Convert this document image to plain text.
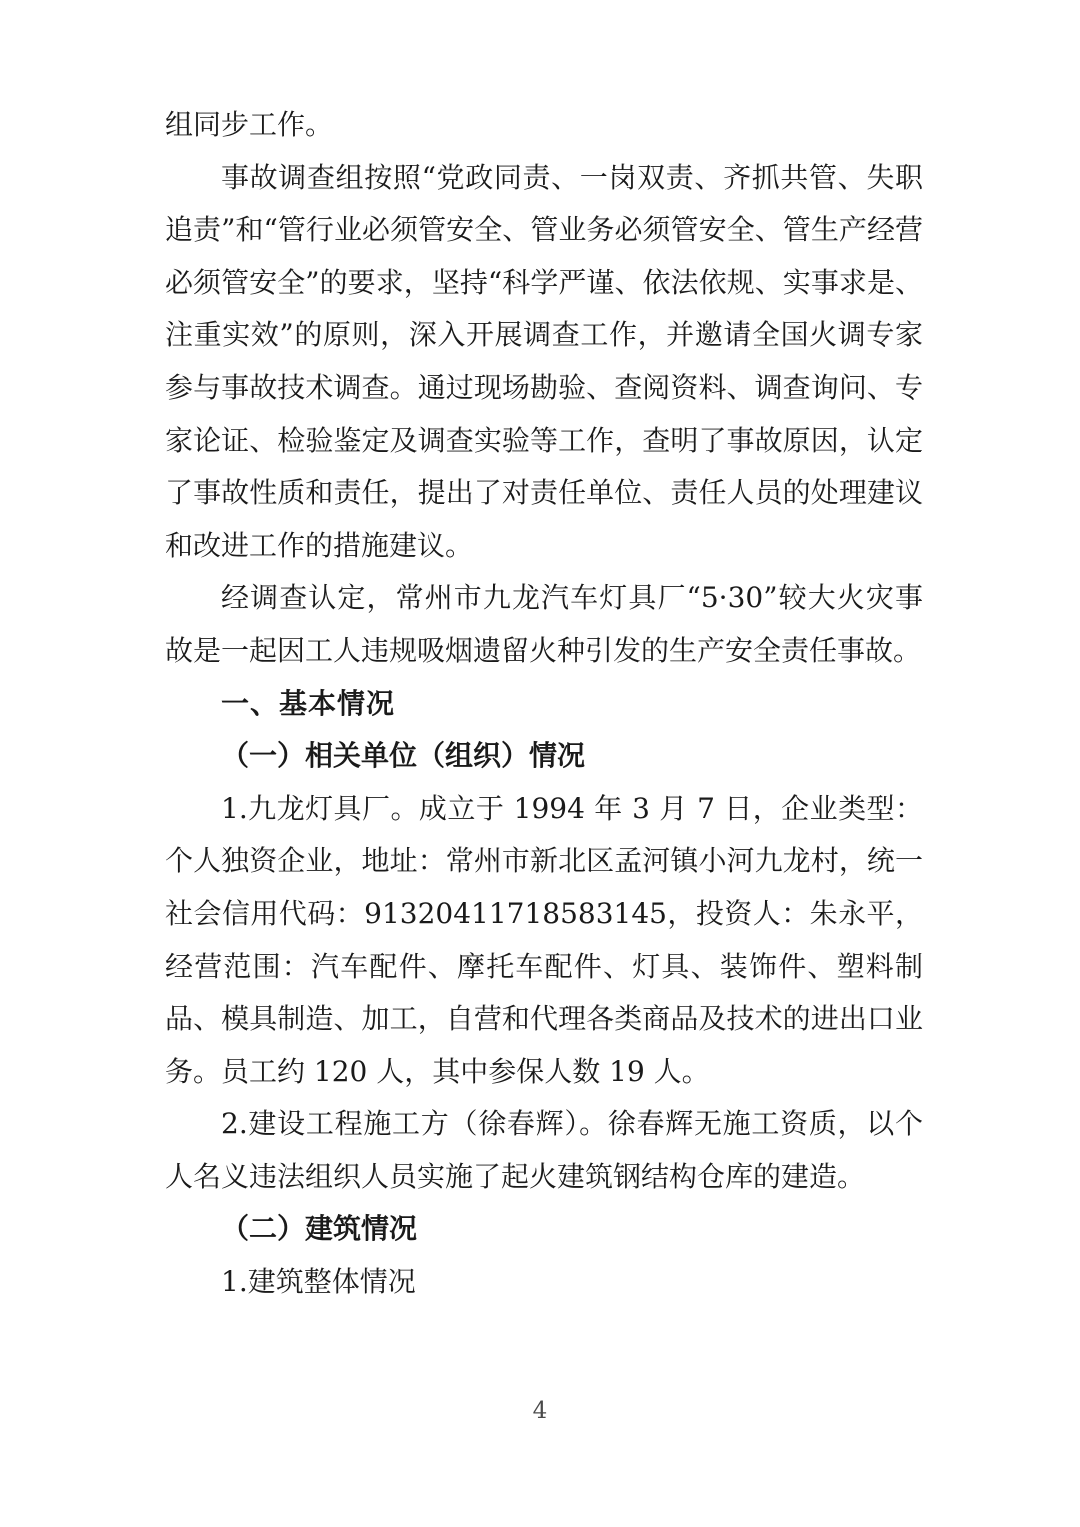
组同步工作。

事故调查组按照“党政同责、一岗双责、齐抓共管、失职追责”和“管行业必须管安全、管业务必须管安全、管生产经营必须管安全”的要求，坚持“科学严谨、依法依规、实事求是、注重实效”的原则，深入开展调查工作，并邀请全国火调专家参与事故技术调查。通过现场勘验、查阅资料、调查询问、专家论证、检验鉴定及调查实验等工作，查明了事故原因，认定了事故性质和责任，提出了对责任单位、责任人员的处理建议和改进工作的措施建议。

经调查认定，常州市九龙汽车灯具厂“5·30”较大火灾事故是一起因工人违规吸烟遗留火种引发的生产安全责任事故。

一、基本情况
（一）相关单位（组织）情况

1.九龙灯具厂。成立于 1994 年 3 月 7 日，企业类型：个人独资企业，地址：常州市新北区孟河镇小河九龙村，统一社会信用代码：91320411718583145，投资人：朱永平，经营范围：汽车配件、摩托车配件、灯具、装饰件、塑料制品、模具制造、加工，自营和代理各类商品及技术的进出口业务。员工约 120 人，其中参保人数 19 人。

2.建设工程施工方（徐春辉）。徐春辉无施工资质，以个人名义违法组织人员实施了起火建筑钢结构仓库的建造。

（二）建筑情况

1.建筑整体情况

4
